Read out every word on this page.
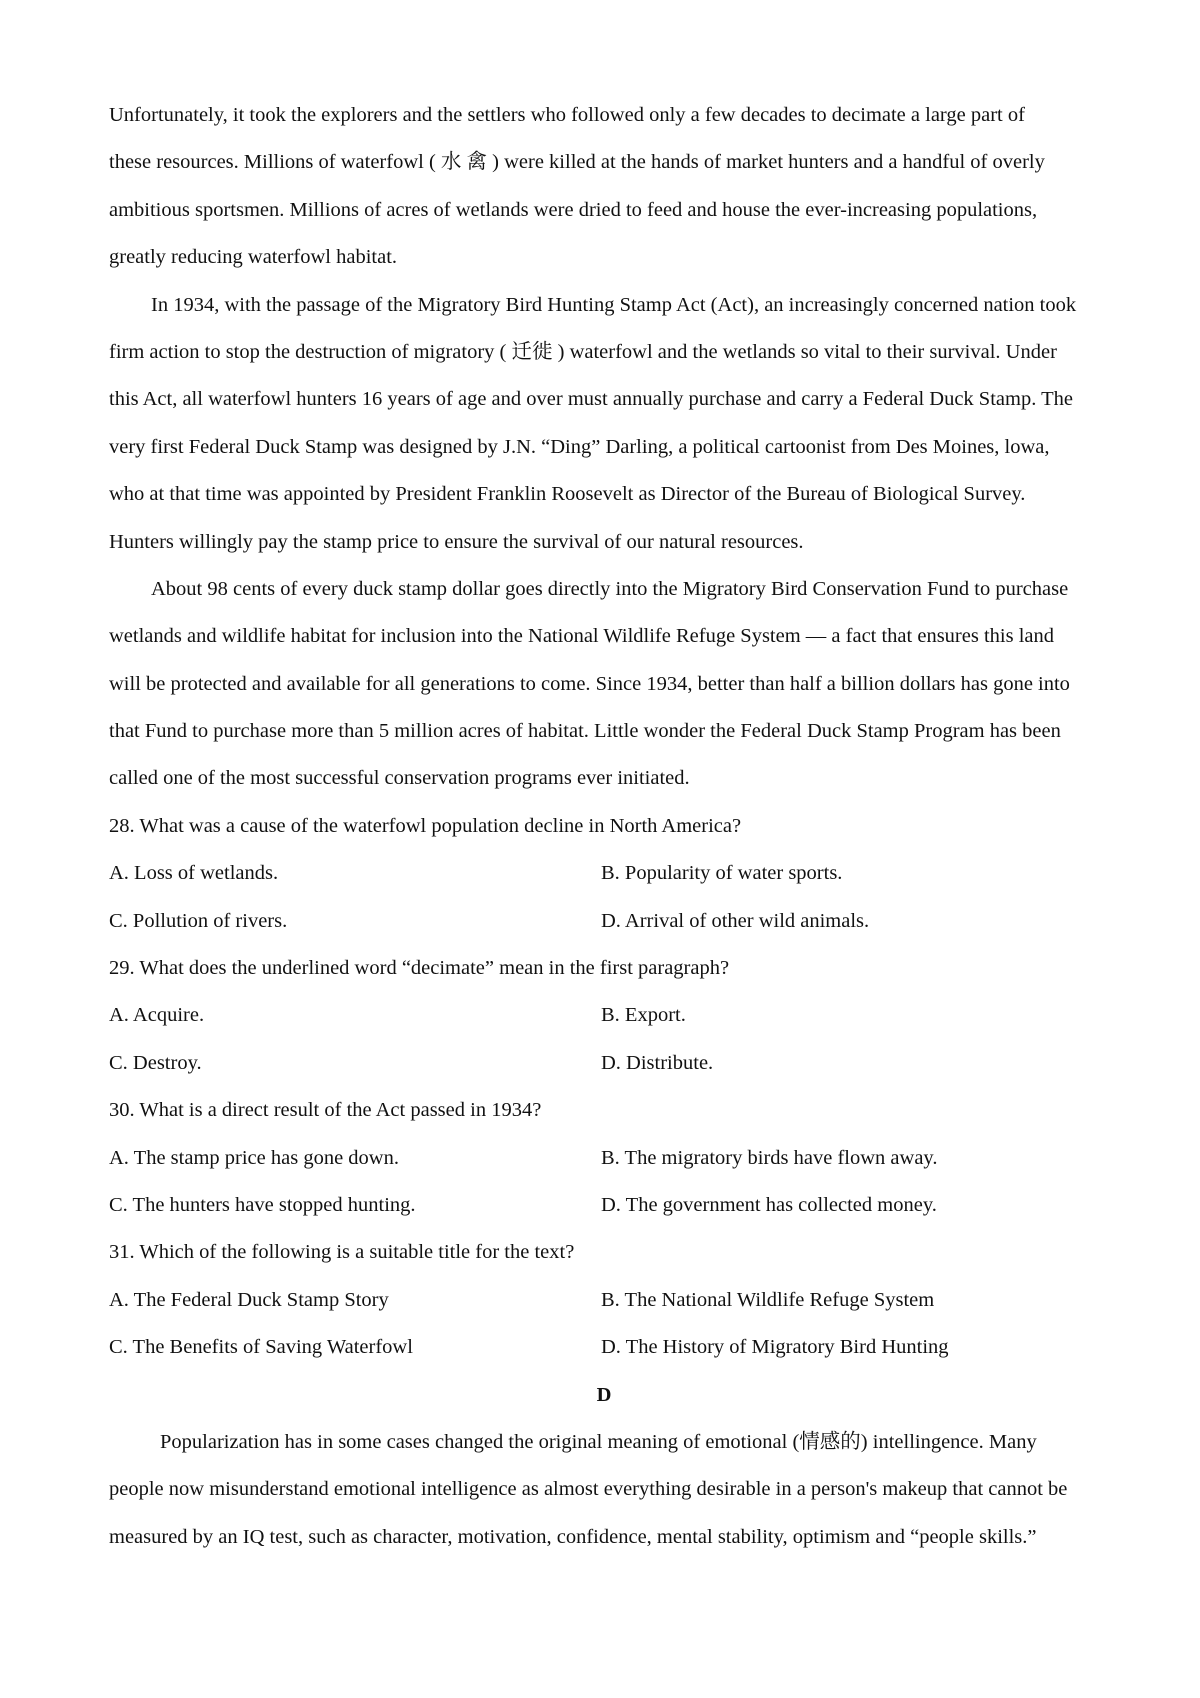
Unfortunately, it took the explorers and the settlers who followed only a few decades to decimate a large part of
these resources. Millions of waterfowl ( 水 禽 ) were killed at the hands of market hunters and a handful of overly
ambitious sportsmen. Millions of acres of wetlands were dried to feed and house the ever-increasing populations,
greatly reducing waterfowl habitat.
In 1934, with the passage of the Migratory Bird Hunting Stamp Act (Act), an increasingly concerned nation took
firm action to stop the destruction of migratory ( 迁徙 ) waterfowl and the wetlands so vital to their survival. Under
this Act, all waterfowl hunters 16 years of age and over must annually purchase and carry a Federal Duck Stamp. The
very first Federal Duck Stamp was designed by J.N. “Ding” Darling, a political cartoonist from Des Moines, lowa,
who at that time was appointed by President Franklin Roosevelt as Director of the Bureau of Biological Survey.
Hunters willingly pay the stamp price to ensure the survival of our natural resources.
About 98 cents of every duck stamp dollar goes directly into the Migratory Bird Conservation Fund to purchase
wetlands and wildlife habitat for inclusion into the National Wildlife Refuge System — a fact that ensures this land
will be protected and available for all generations to come. Since 1934, better than half a billion dollars has gone into
that Fund to purchase more than 5 million acres of habitat. Little wonder the Federal Duck Stamp Program has been
called one of the most successful conservation programs ever initiated.
28. What was a cause of the waterfowl population decline in North America?
A. Loss of wetlands.	B. Popularity of water sports.
C. Pollution of rivers.	D. Arrival of other wild animals.
29. What does the underlined word “decimate” mean in the first paragraph?
A. Acquire.	B. Export.
C. Destroy.	D. Distribute.
30. What is a direct result of the Act passed in 1934?
A. The stamp price has gone down.	B. The migratory birds have flown away.
C. The hunters have stopped hunting.	D. The government has collected money.
31. Which of the following is a suitable title for the text?
A. The Federal Duck Stamp Story	B. The National Wildlife Refuge System
C. The Benefits of Saving Waterfowl	D. The History of Migratory Bird Hunting
D
Popularization has in some cases changed the original meaning of emotional (情感的) intellingence. Many
people now misunderstand emotional intelligence as almost everything desirable in a person's makeup that cannot be
measured by an IQ test, such as character, motivation, confidence, mental stability, optimism and “people skills.”
